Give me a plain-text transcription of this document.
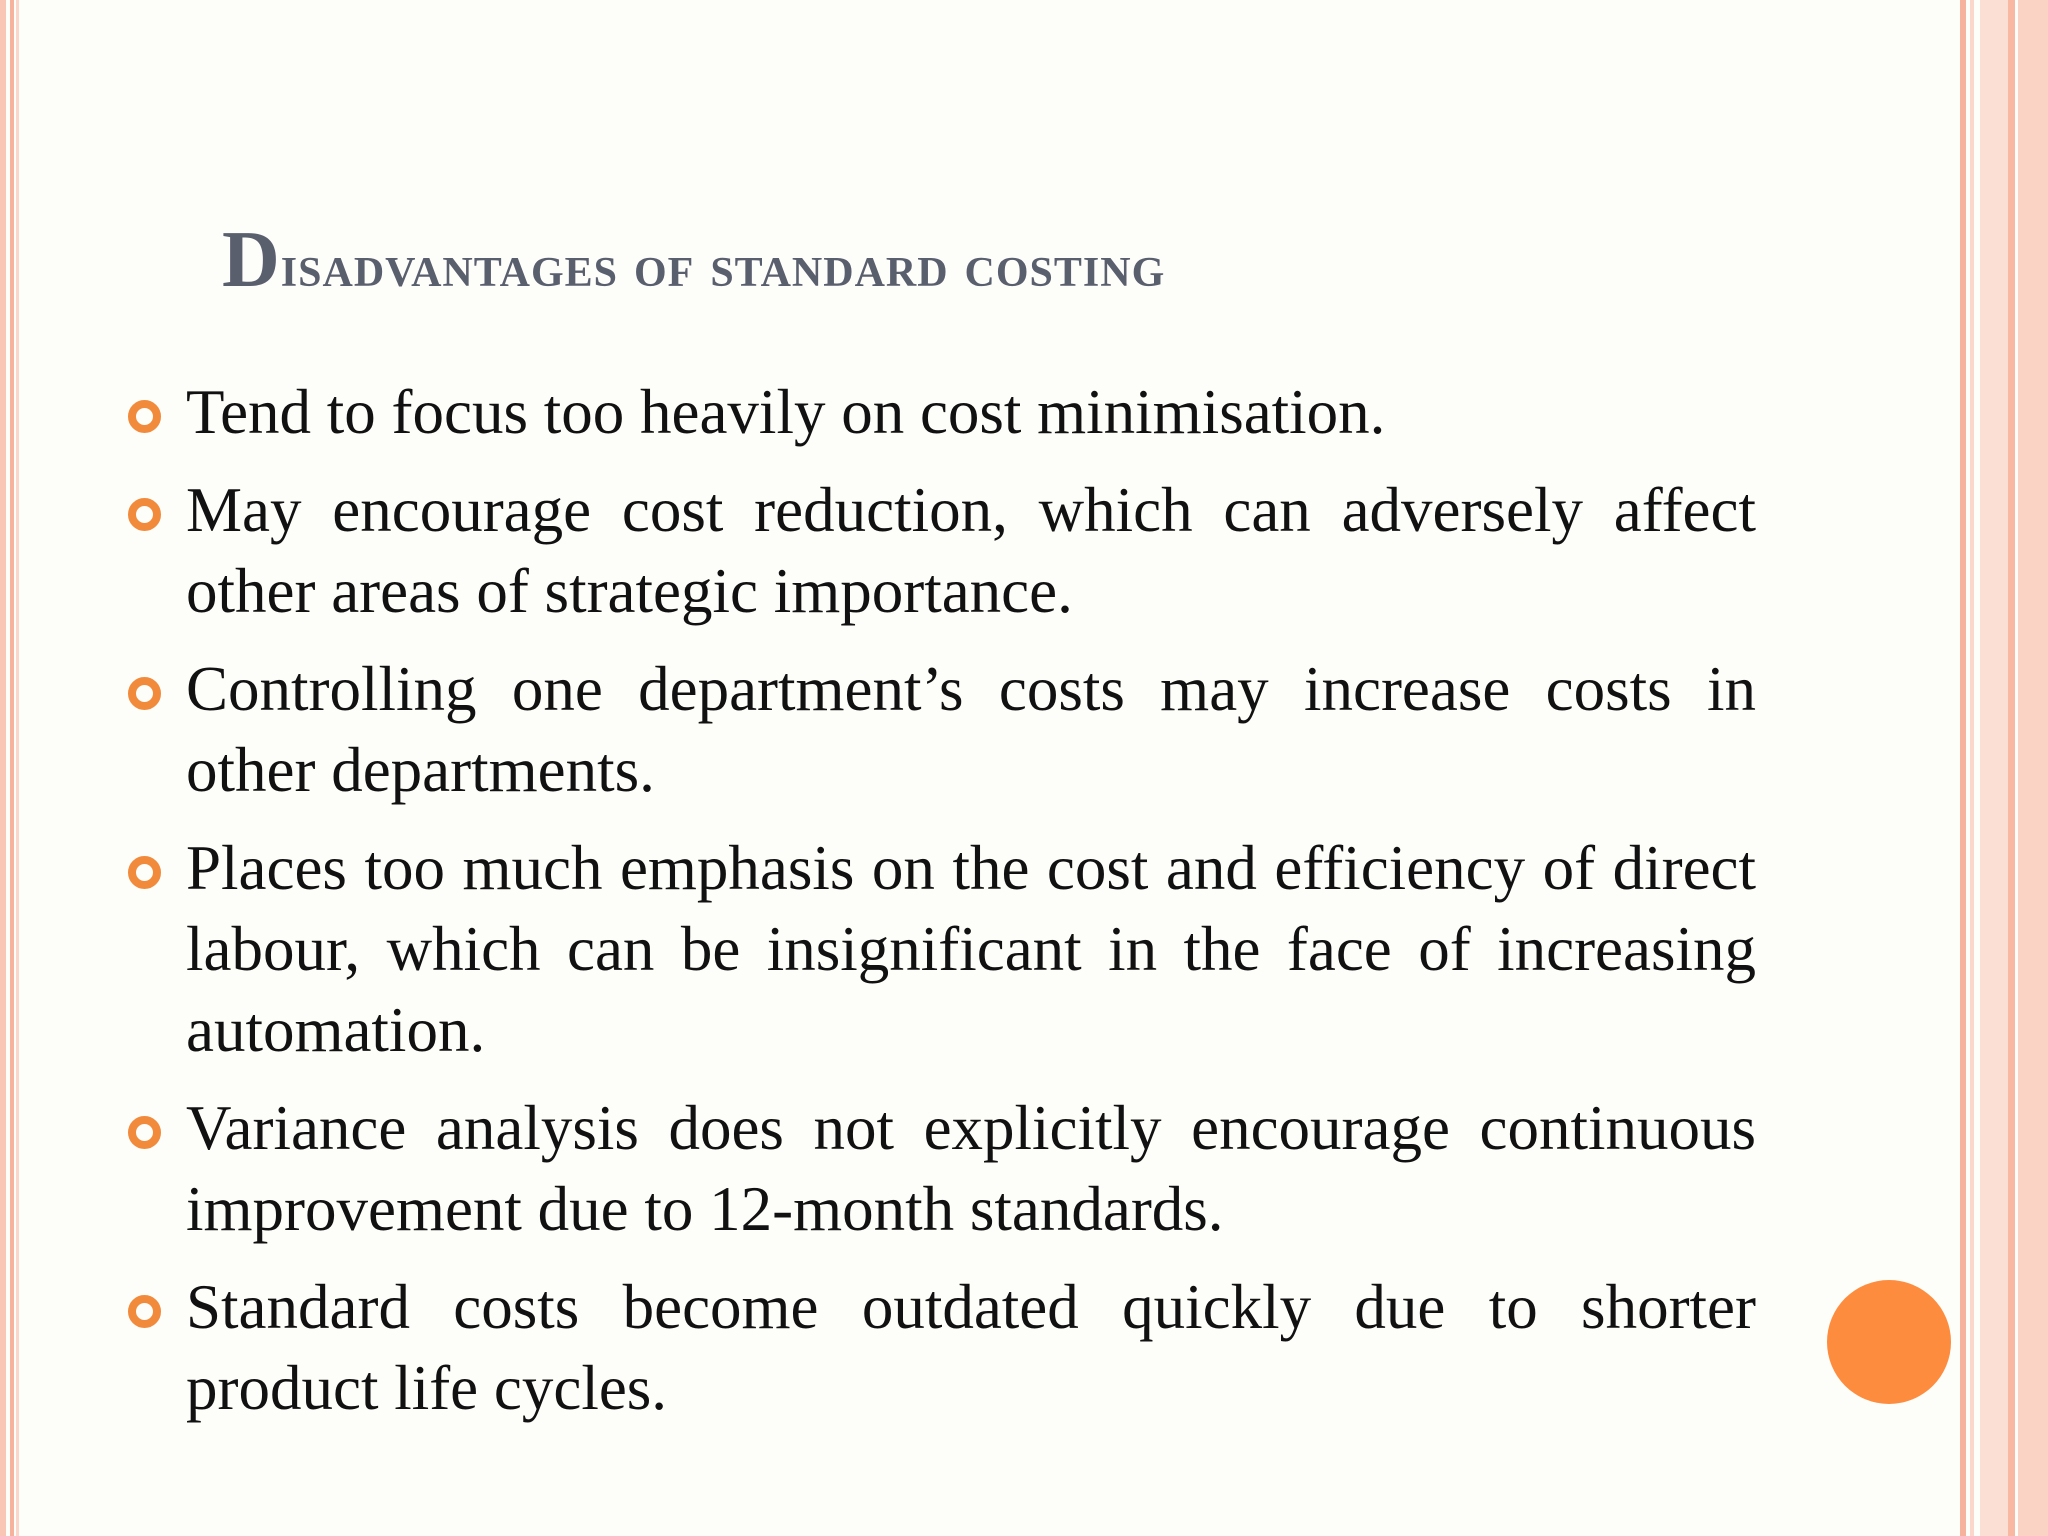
Disadvantages of standard costing
Tend to focus too heavily on cost minimisation.
May encourage cost reduction, which can adversely affect other areas of strategic importance.
Controlling one department’s costs may increase costs in other departments.
Places too much emphasis on the cost and efficiency of direct labour, which can be insignificant in the face of increasing automation.
Variance analysis does not explicitly encourage continuous improvement due to 12-month standards.
Standard costs become outdated quickly due to shorter product life cycles.
